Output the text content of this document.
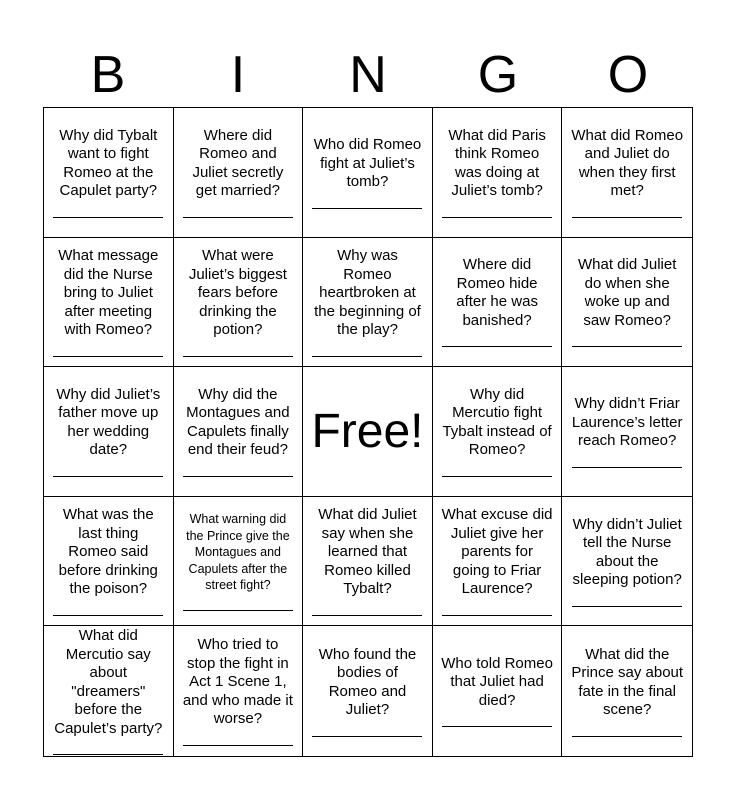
B	I	N	G	O
Why did Tybalt want to fight Romeo at the Capulet party?
Where did Romeo and Juliet secretly get married?
Who did Romeo fight at Juliet’s tomb?
What did Paris think Romeo was doing at Juliet’s tomb?
What did Romeo and Juliet do when they first met?
What message did the Nurse bring to Juliet after meeting with Romeo?
What were Juliet’s biggest fears before drinking the potion?
Why was Romeo heartbroken at the beginning of the play?
Where did Romeo hide after he was banished?
What did Juliet do when she woke up and saw Romeo?
Why did Juliet’s father move up her wedding date?
Why did the Montagues and Capulets finally end their feud? Free!
Why did Mercutio fight Tybalt instead of Romeo?
Why didn’t Friar Laurence’s letter reach Romeo?
What was the last thing Romeo said before drinking the poison?
What warning did the Prince give the Montagues and Capulets after the street fight?
What did Juliet say when she learned that Romeo killed Tybalt?
What excuse did Juliet give her parents for going to Friar Laurence?
Why didn’t Juliet tell the Nurse about the sleeping potion?
What did Mercutio say about "dreamers" before the Capulet’s party?
Who tried to stop the fight in Act 1 Scene 1, and who made it worse?
Who found the bodies of Romeo and Juliet?
Who told Romeo that Juliet had died?
What did the Prince say about fate in the final scene?
